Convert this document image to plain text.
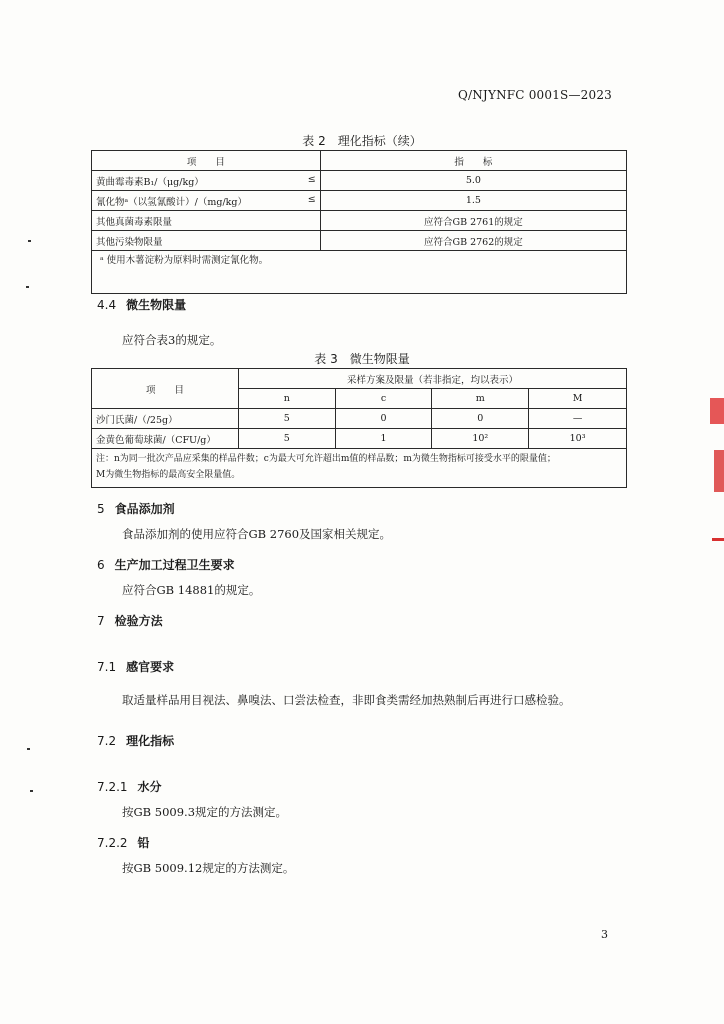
Q/NJYNFC 0001S—2023
表 2　理化指标（续）
项　　目	指　　标

黄曲霉毒素B₁/（μg/kg） ≤	5.0

氰化物ᵃ（以氢氰酸计）/（mg/kg） ≤	1.5
其他真菌毒素限量	应符合GB 2761的规定
其他污染物限量	应符合GB 2762的规定
ᵃ 使用木薯淀粉为原料时需测定氰化物。	
4.4 微生物限量
应符合表3的规定。
表 3　微生物限量
项　　目	采样方案及限量（若非指定，均以表示）			
	n	c	m	M
沙门氏菌/（/25g）	5	0	0	—
金黄色葡萄球菌/（CFU/g）	5	1	10²	10³

注：n为同一批次产品应采集的样品件数；c为最大可允许超出m值的样品数；m为微生物指标可接受水平的限量值；
M为微生物指标的最高安全限量值。				
5 食品添加剂
食品添加剂的使用应符合GB 2760及国家相关规定。
6 生产加工过程卫生要求
应符合GB 14881的规定。
7 检验方法
7.1 感官要求
取适量样品用目视法、鼻嗅法、口尝法检查，非即食类需经加热熟制后再进行口感检验。
7.2 理化指标
7.2.1 水分
按GB 5009.3规定的方法测定。
7.2.2 铅
按GB 5009.12规定的方法测定。
3
